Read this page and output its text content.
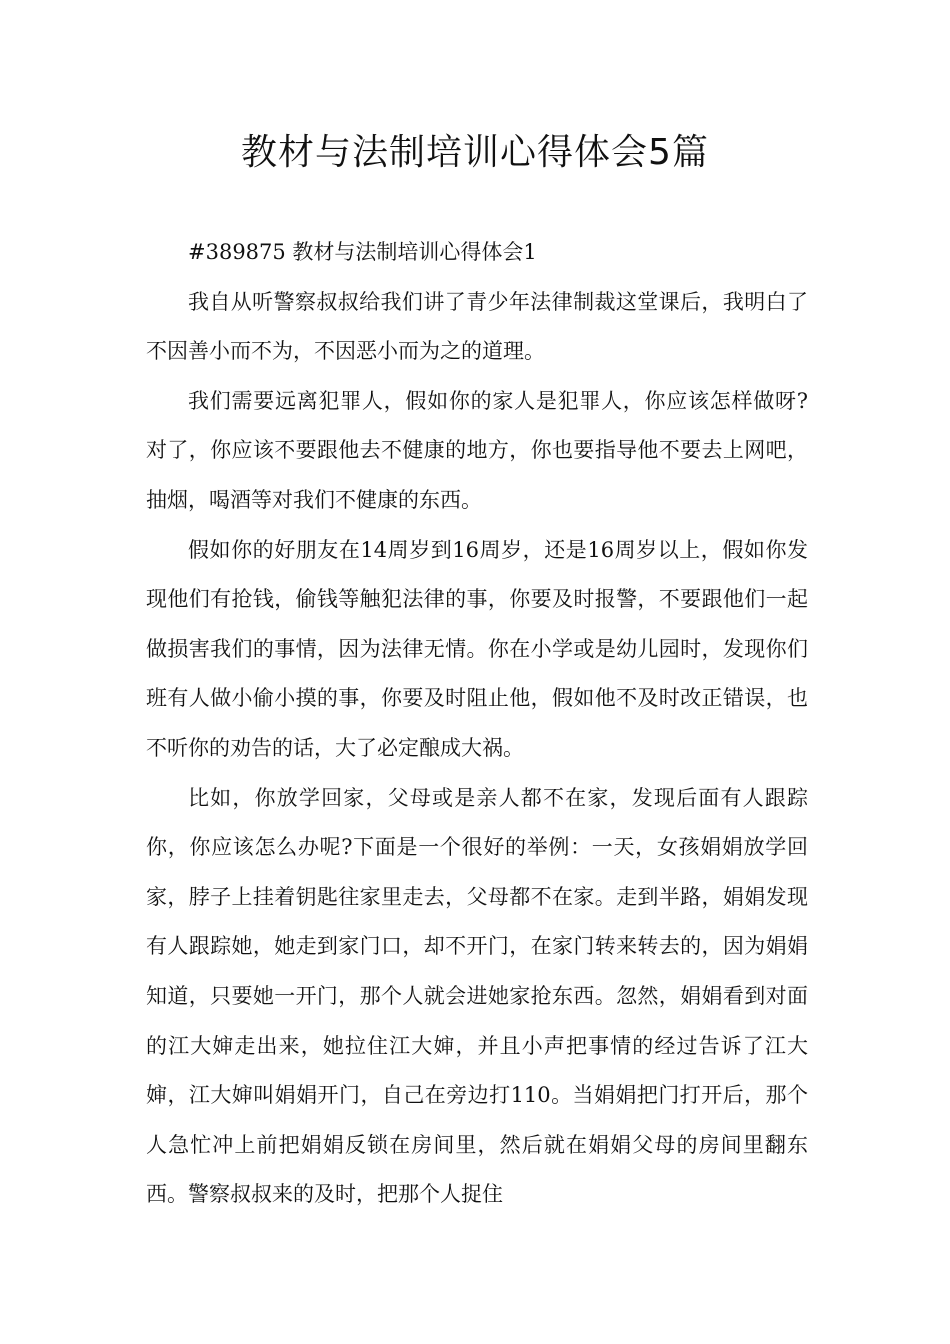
教材与法制培训心得体会5篇

#389875 教材与法制培训心得体会1

我自从听警察叔叔给我们讲了青少年法律制裁这堂课后，我明白了不因善小而不为，不因恶小而为之的道理。

我们需要远离犯罪人，假如你的家人是犯罪人，你应该怎样做呀?对了，你应该不要跟他去不健康的地方，你也要指导他不要去上网吧，抽烟，喝酒等对我们不健康的东西。

假如你的好朋友在14周岁到16周岁，还是16周岁以上，假如你发现他们有抢钱，偷钱等触犯法律的事，你要及时报警，不要跟他们一起做损害我们的事情，因为法律无情。你在小学或是幼儿园时，发现你们班有人做小偷小摸的事，你要及时阻止他，假如他不及时改正错误，也不听你的劝告的话，大了必定酿成大祸。

比如，你放学回家，父母或是亲人都不在家，发现后面有人跟踪你，你应该怎么办呢?下面是一个很好的举例：一天，女孩娟娟放学回家，脖子上挂着钥匙往家里走去，父母都不在家。走到半路，娟娟发现有人跟踪她，她走到家门口，却不开门，在家门转来转去的，因为娟娟知道，只要她一开门，那个人就会进她家抢东西。忽然，娟娟看到对面的江大婶走出来，她拉住江大婶，并且小声把事情的经过告诉了江大婶，江大婶叫娟娟开门，自己在旁边打110。当娟娟把门打开后，那个人急忙冲上前把娟娟反锁在房间里，然后就在娟娟父母的房间里翻东西。警察叔叔来的及时，把那个人捉住
